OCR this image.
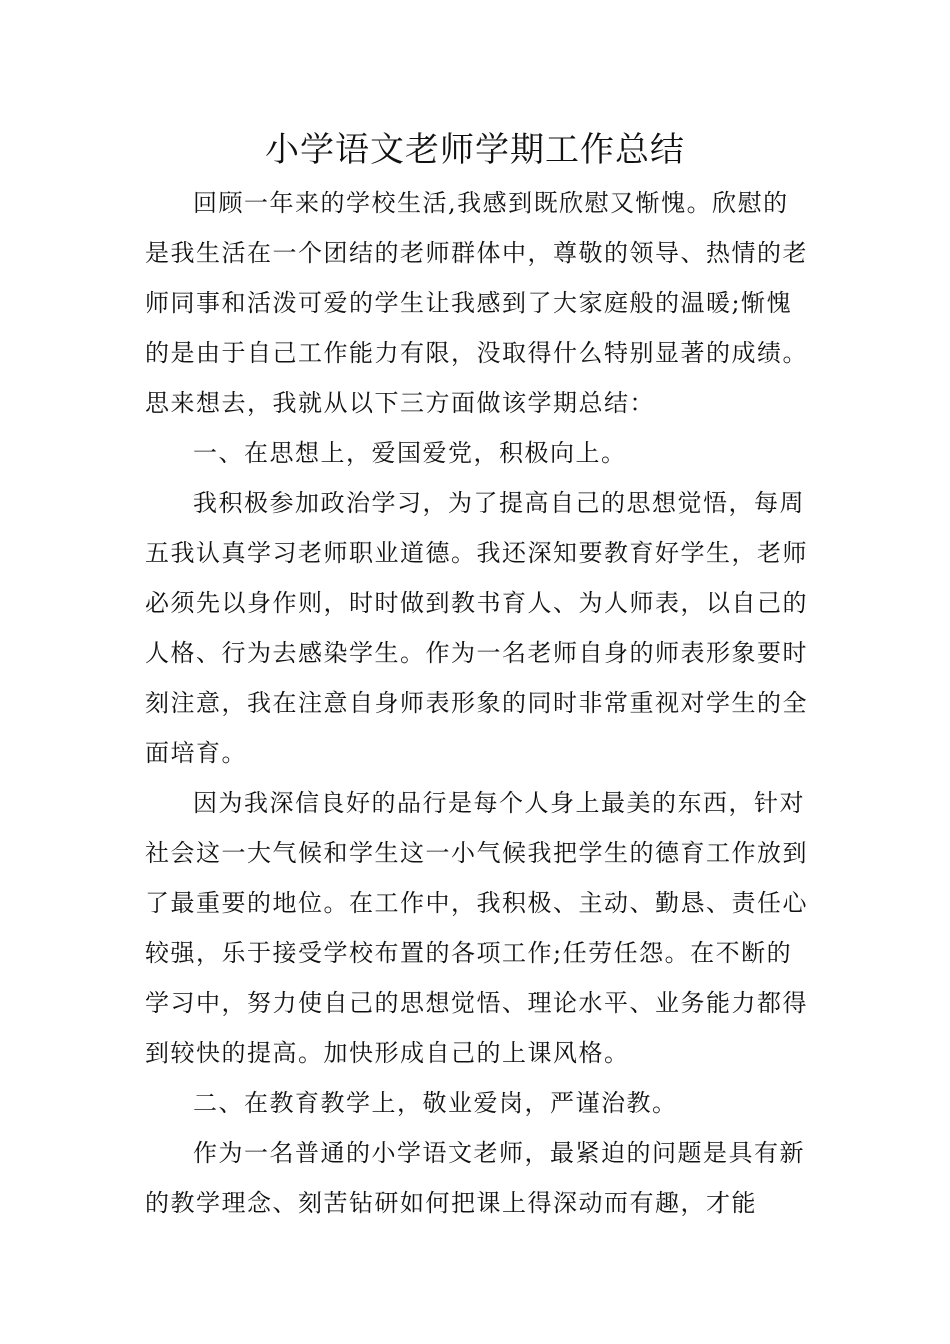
小学语文老师学期工作总结

回顾一年来的学校生活,我感到既欣慰又惭愧。欣慰的是我生活在一个团结的老师群体中，尊敬的领导、热情的老师同事和活泼可爱的学生让我感到了大家庭般的温暖;惭愧的是由于自己工作能力有限，没取得什么特别显著的成绩。思来想去，我就从以下三方面做该学期总结：

一、在思想上，爱国爱党，积极向上。

我积极参加政治学习，为了提高自己的思想觉悟，每周五我认真学习老师职业道德。我还深知要教育好学生，老师必须先以身作则，时时做到教书育人、为人师表，以自己的人格、行为去感染学生。作为一名老师自身的师表形象要时刻注意，我在注意自身师表形象的同时非常重视对学生的全面培育。

因为我深信良好的品行是每个人身上最美的东西，针对社会这一大气候和学生这一小气候我把学生的德育工作放到了最重要的地位。在工作中，我积极、主动、勤恳、责任心较强，乐于接受学校布置的各项工作;任劳任怨。在不断的学习中，努力使自己的思想觉悟、理论水平、业务能力都得到较快的提高。加快形成自己的上课风格。

二、在教育教学上，敬业爱岗，严谨治教。

作为一名普通的小学语文老师，最紧迫的问题是具有新的教学理念、刻苦钻研如何把课上得深动而有趣，才能
